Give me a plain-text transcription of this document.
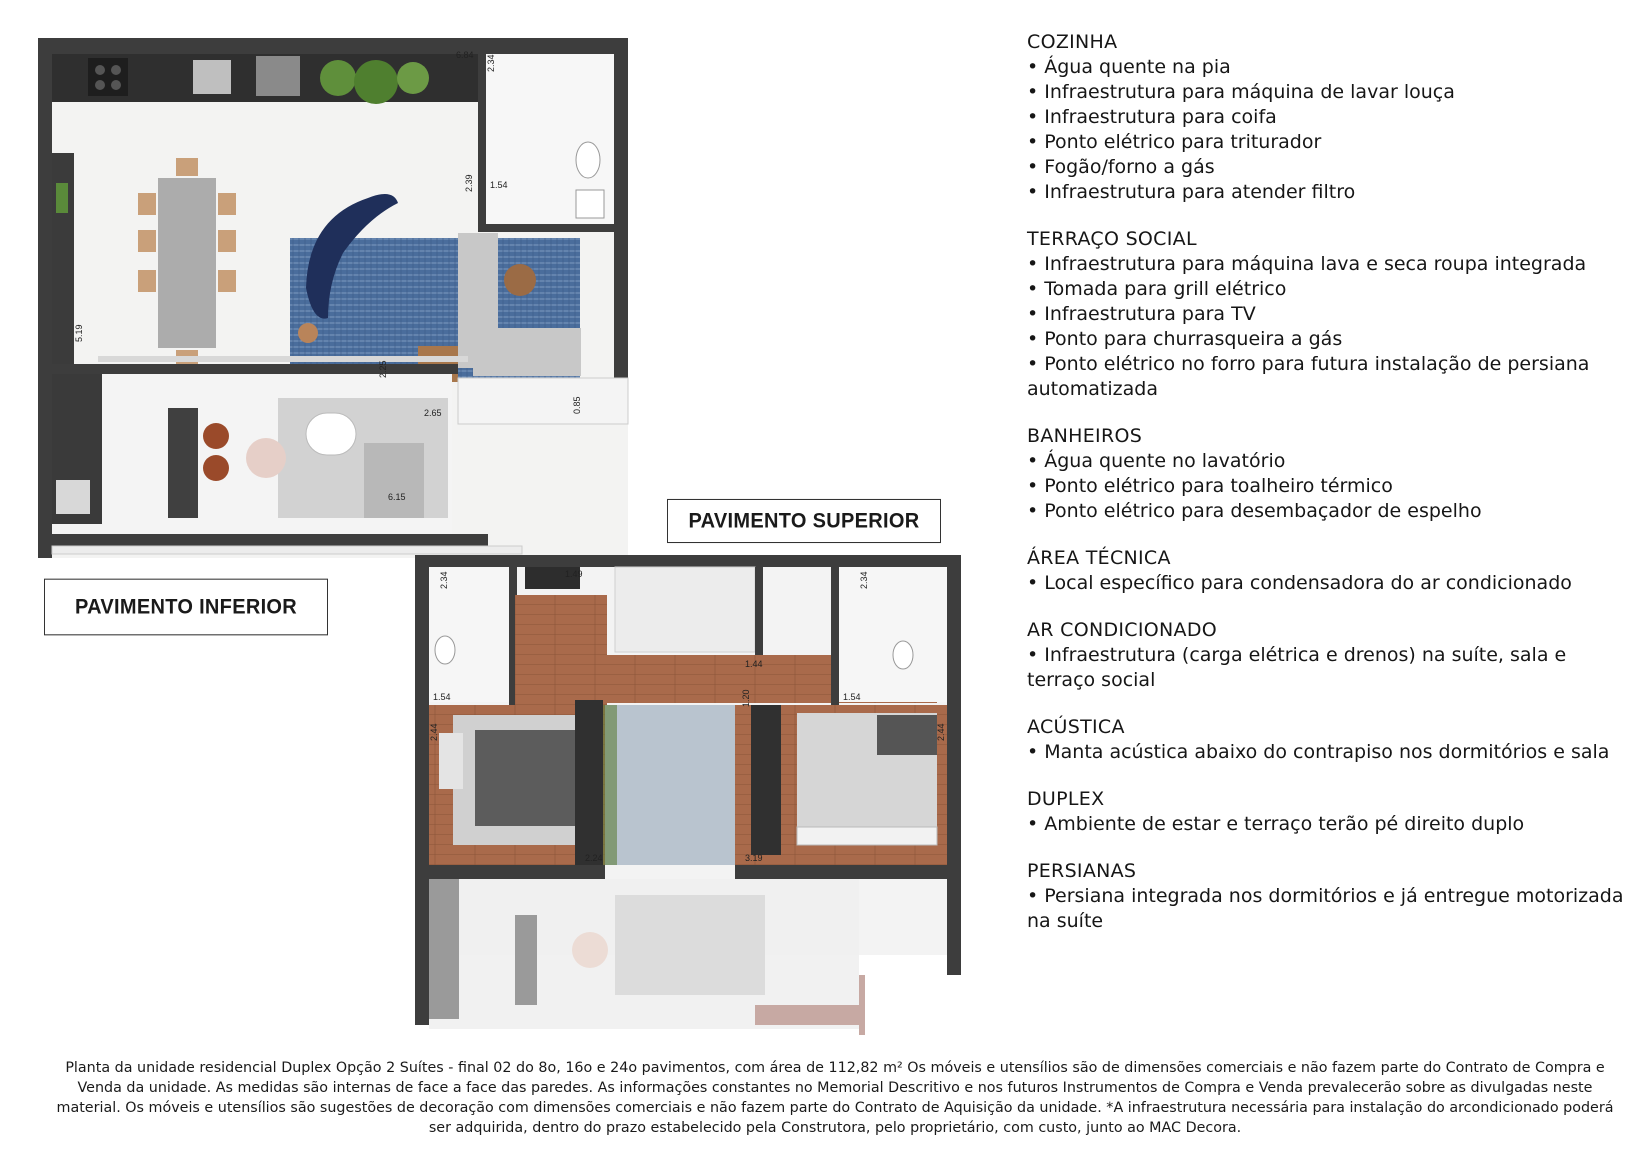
6.84 2.34
2.39 1.54
5.19
2.25
2.65	0.85
6.15
PAVIMENTO INFERIOR
PAVIMENTO SUPERIOR
2.34	1.49
1.54
2.34
1.54
1.44
1.20
2.44	2.44
2.24	3.19
COZINHA
• Água quente na pia
• Infraestrutura para máquina de lavar louça
• Infraestrutura para coifa
• Ponto elétrico para triturador
• Fogão/forno a gás
• Infraestrutura para atender filtro
TERRAÇO SOCIAL
• Infraestrutura para máquina lava e seca roupa integrada
• Tomada para grill elétrico
• Infraestrutura para TV
• Ponto para churrasqueira a gás
• Ponto elétrico no forro para futura instalação de persiana automatizada
BANHEIROS
• Água quente no lavatório
• Ponto elétrico para toalheiro térmico
• Ponto elétrico para desembaçador de espelho
ÁREA TÉCNICA
• Local específico para condensadora do ar condicionado
AR CONDICIONADO
• Infraestrutura (carga elétrica e drenos) na suíte, sala e terraço social
ACÚSTICA
• Manta acústica abaixo do contrapiso nos dormitórios e sala
DUPLEX
• Ambiente de estar e terraço terão pé direito duplo
PERSIANAS
• Persiana integrada nos dormitórios e já entregue motorizada na suíte
Planta da unidade residencial Duplex Opção 2 Suítes - final 02 do 8o, 16o e 24o pavimentos, com área de 112,82 m² Os móveis e utensílios são de dimensões comerciais e não fazem parte do Contrato de Compra e Venda da unidade. As medidas são internas de face a face das paredes. As informações constantes no Memorial Descritivo e nos futuros Instrumentos de Compra e Venda prevalecerão sobre as divulgadas neste material. Os móveis e utensílios são sugestões de decoração com dimensões comerciais e não fazem parte do Contrato de Aquisição da unidade. *A infraestrutura necessária para instalação do arcondicionado poderá ser adquirida, dentro do prazo estabelecido pela Construtora, pelo proprietário, com custo, junto ao MAC Decora.
